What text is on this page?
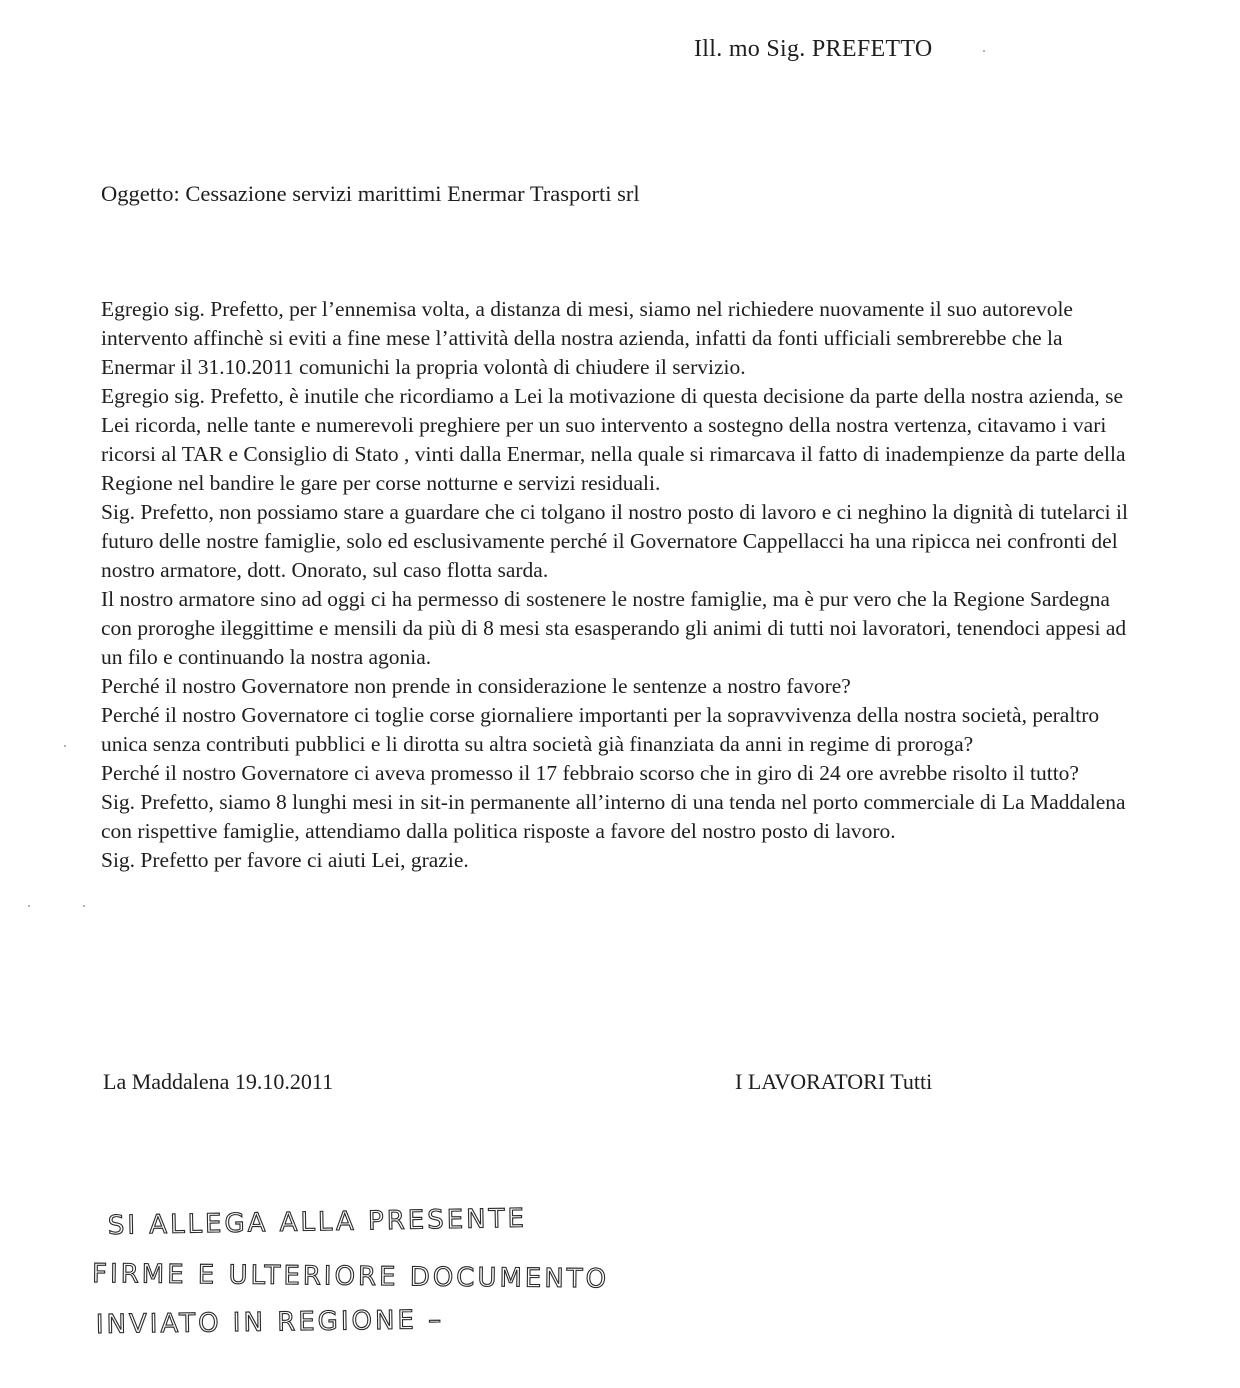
Ill. mo Sig. PREFETTO
Oggetto: Cessazione servizi marittimi Enermar Trasporti srl

Egregio sig. Prefetto, per l’ennemisa volta, a distanza di mesi, siamo nel richiedere nuovamente il suo autorevole intervento affinchè si eviti a fine mese l’attività della nostra azienda, infatti da fonti ufficiali sembrerebbe che la Enermar il 31.10.2011 comunichi la propria volontà di chiudere il servizio.

Egregio sig. Prefetto, è inutile che ricordiamo a Lei la motivazione di questa decisione da parte della nostra azienda, se Lei ricorda, nelle tante e numerevoli preghiere per un suo intervento a sostegno della nostra vertenza, citavamo i vari ricorsi al TAR e Consiglio di Stato , vinti dalla Enermar, nella quale si rimarcava il fatto di inadempienze da parte della Regione nel bandire le gare per corse notturne e servizi residuali.

Sig. Prefetto, non possiamo stare a guardare che ci tolgano il nostro posto di lavoro e ci neghino la dignità di tutelarci il futuro delle nostre famiglie, solo ed esclusivamente perché il Governatore Cappellacci ha una ripicca nei confronti del nostro armatore, dott. Onorato, sul caso flotta sarda.

Il nostro armatore sino ad oggi ci ha permesso di sostenere le nostre famiglie, ma è pur vero che la Regione Sardegna con proroghe ileggittime e mensili da più di 8 mesi sta esasperando gli animi di tutti noi lavoratori, tenendoci appesi ad un filo e continuando la nostra agonia.

Perché il nostro Governatore non prende in considerazione le sentenze a nostro favore?

Perché il nostro Governatore ci toglie corse giornaliere importanti per la sopravvivenza della nostra società, peraltro unica senza contributi pubblici e li dirotta su altra società già finanziata da anni in regime di proroga?

Perché il nostro Governatore ci aveva promesso il 17 febbraio scorso che in giro di 24 ore avrebbe risolto il tutto?

Sig. Prefetto, siamo 8 lunghi mesi in sit-in permanente all’interno di una tenda nel porto commerciale di La Maddalena con rispettive famiglie, attendiamo dalla politica risposte a favore del nostro posto di lavoro.

Sig. Prefetto per favore ci aiuti Lei, grazie.

La Maddalena 19.10.2011	I LAVORATORI Tutti
SI ALLEGA ALLA PRESENTE
FIRME E ULTERIORE DOCUMENTO
INVIATO IN REGIONE –
